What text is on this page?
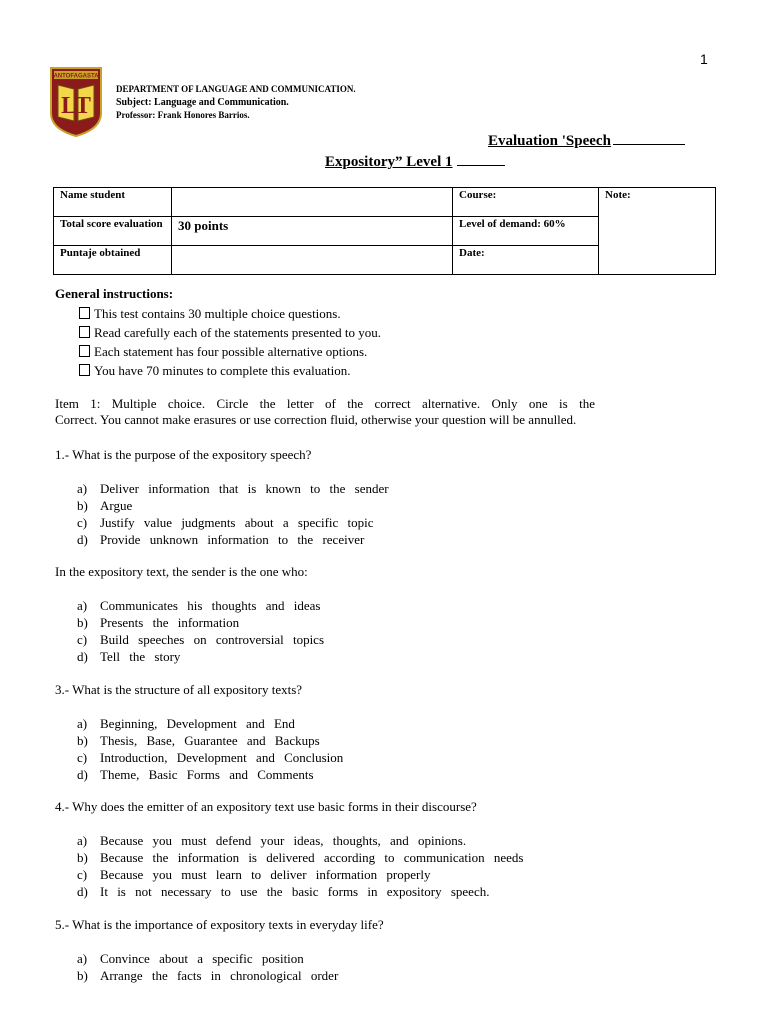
1
ANTOFAGASTA
LT
DEPARTMENT OF LANGUAGE AND COMMUNICATION.
Subject: Language and Communication.
Professor: Frank Honores Barrios.
Evaluation 'Speech
Expository” Level 1
Name student		Course:	Note:
Total score evaluation	30 points	Level of demand: 60%	
Puntaje obtained		Date:	
General instructions:
This test contains 30 multiple choice questions.
Read carefully each of the statements presented to you.
Each statement has four possible alternative options.
You have 70 minutes to complete this evaluation.
Item 1: Multiple choice. Circle the letter of the correct alternative. Only one is the
Correct. You cannot make erasures or use correction fluid, otherwise your question will be annulled.
1.- What is the purpose of the expository speech?
a) Deliver information that is known to the sender
b) Argue
c) Justify value judgments about a specific topic
d) Provide unknown information to the receiver
In the expository text, the sender is the one who:
a) Communicates his thoughts and ideas
b) Presents the information
c) Build speeches on controversial topics
d) Tell the story
3.- What is the structure of all expository texts?
a) Beginning, Development and End
b) Thesis, Base, Guarantee and Backups
c) Introduction, Development and Conclusion
d) Theme, Basic Forms and Comments
4.- Why does the emitter of an expository text use basic forms in their discourse?
a) Because you must defend your ideas, thoughts, and opinions.
b) Because the information is delivered according to communication needs
c) Because you must learn to deliver information properly
d) It is not necessary to use the basic forms in expository speech.
5.- What is the importance of expository texts in everyday life?
a) Convince about a specific position
b) Arrange the facts in chronological order
